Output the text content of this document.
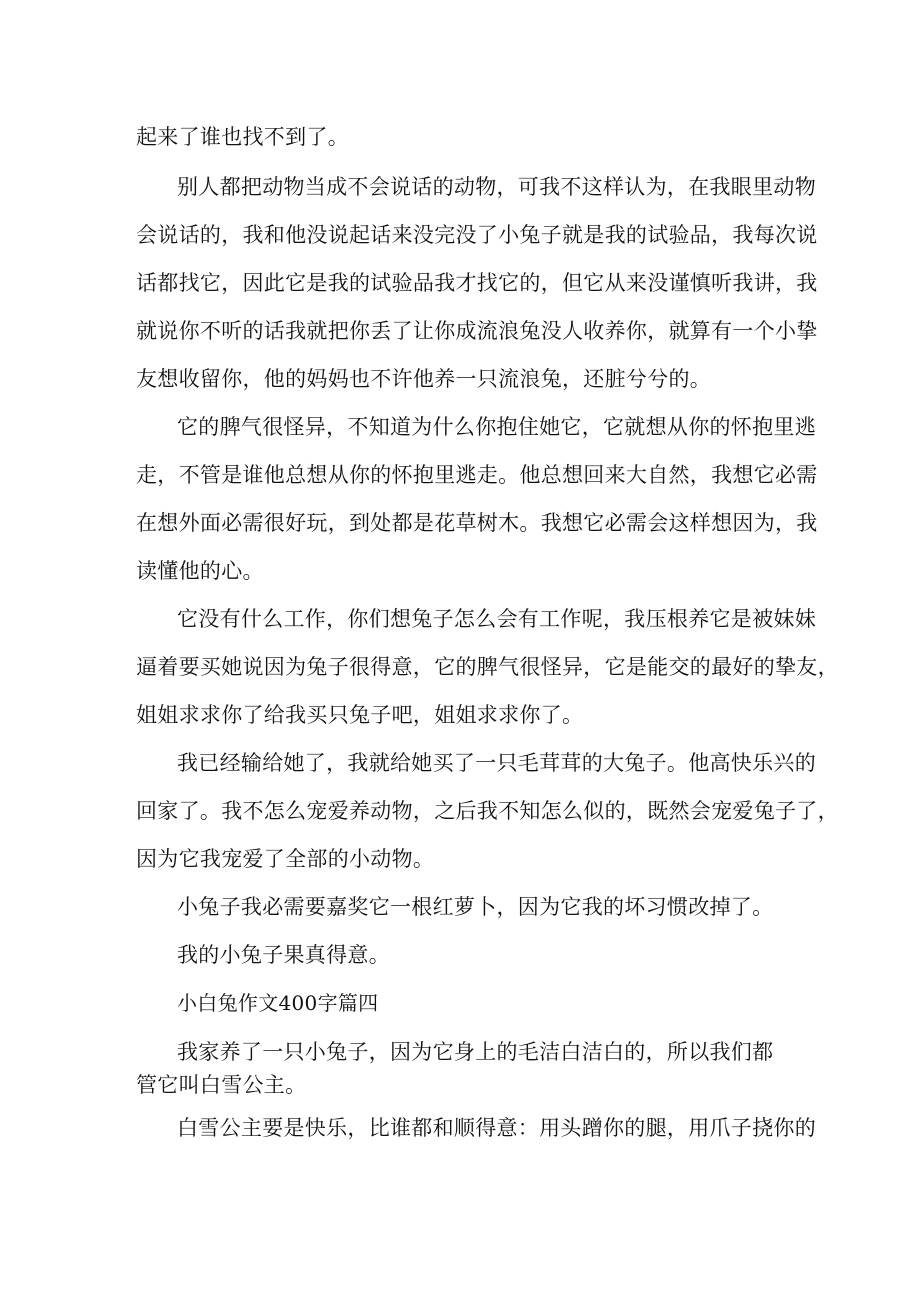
起来了谁也找不到了。
别人都把动物当成不会说话的动物，可我不这样认为，在我眼里动物
会说话的，我和他没说起话来没完没了小兔子就是我的试验品，我每次说
话都找它，因此它是我的试验品我才找它的，但它从来没谨慎听我讲，我
就说你不听的话我就把你丢了让你成流浪兔没人收养你，就算有一个小挚
友想收留你，他的妈妈也不许他养一只流浪兔，还脏兮兮的。
它的脾气很怪异，不知道为什么你抱住她它，它就想从你的怀抱里逃
走，不管是谁他总想从你的怀抱里逃走。他总想回来大自然，我想它必需
在想外面必需很好玩，到处都是花草树木。我想它必需会这样想因为，我
读懂他的心。
它没有什么工作，你们想兔子怎么会有工作呢，我压根养它是被妹妹
逼着要买她说因为兔子很得意，它的脾气很怪异，它是能交的最好的挚友，
姐姐求求你了给我买只兔子吧，姐姐求求你了。
我已经输给她了，我就给她买了一只毛茸茸的大兔子。他高快乐兴的
回家了。我不怎么宠爱养动物，之后我不知怎么似的，既然会宠爱兔子了，
因为它我宠爱了全部的小动物。
小兔子我必需要嘉奖它一根红萝卜，因为它我的坏习惯改掉了。
我的小兔子果真得意。
小白兔作文400字篇四
我家养了一只小兔子，因为它身上的毛洁白洁白的，所以我们都
管它叫白雪公主。
白雪公主要是快乐，比谁都和顺得意：用头蹭你的腿，用爪子挠你的
